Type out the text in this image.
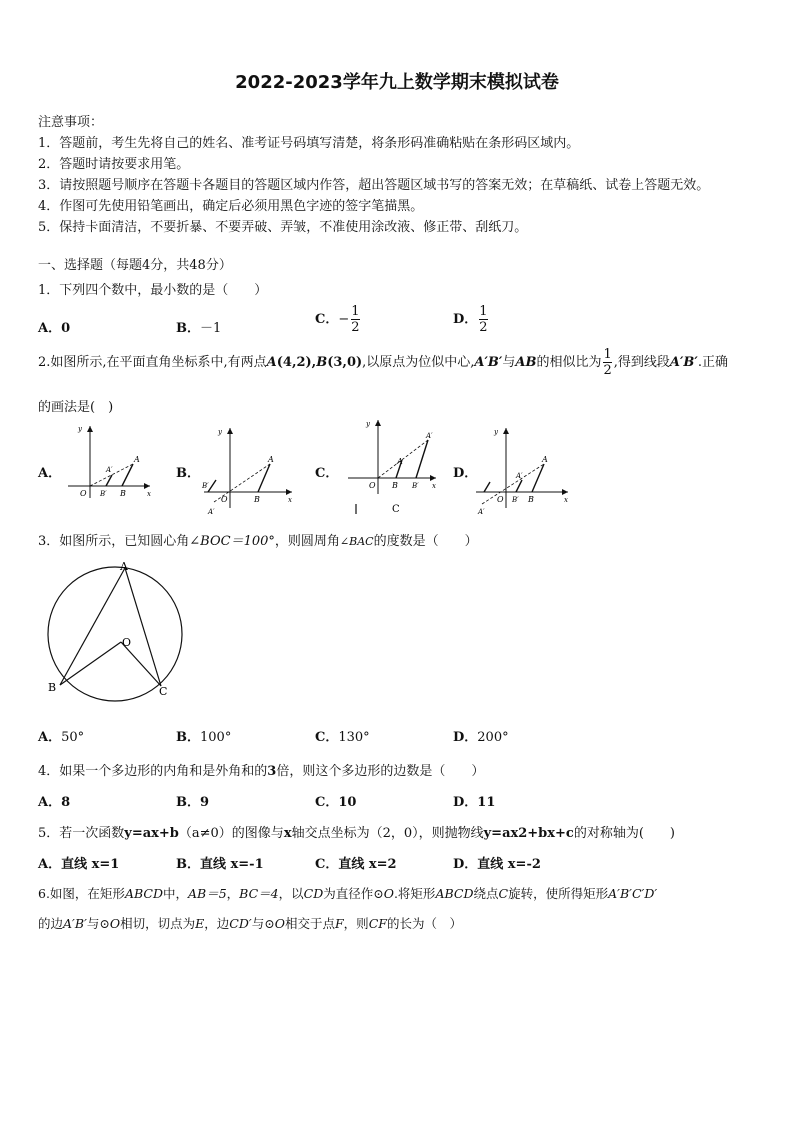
2022-2023学年九上数学期末模拟试卷
注意事项：
1．答题前，考生先将自己的姓名、准考证号码填写清楚，将条形码准确粘贴在条形码区域内。
2．答题时请按要求用笔。
3．请按照题号顺序在答题卡各题目的答题区域内作答，超出答题区域书写的答案无效；在草稿纸、试卷上答题无效。
4．作图可先使用铅笔画出，确定后必须用黑色字迹的签字笔描黑。
5．保持卡面清洁，不要折暴、不要弄破、弄皱，不准使用涂改液、修正带、刮纸刀。
一、选择题（每题4分，共48分）
1．下列四个数中，最小数的是（　　）
A．0	B．－1
C．− $\frac{1}{2}$	D． $\frac{1}{2}$
2.如图所示,在平面直角坐标系中,有两点A(4,2),B(3,0),以原点为位似中心,A′B′与AB的相似比为 $\frac{1}{2}$ ,得到线段A′B′.正确
的画法是(　)
A．	B．	C．	D．
y
x
O
A
B
A′
B′
y
x
O
A
B
A′
B′
y
x
O
A′
A
B B′
C
y
x
O
A
B
A′
B′
A′
3．如图所示，已知圆心角∠BOC＝100°，则圆周角∠BAC的度数是（　　）
A
B	C
O
A．50°	B．100°	C．130°	D．200°
4．如果一个多边形的内角和是外角和的3倍，则这个多边形的边数是（　　）
A．8	B．9	C．10	D．11
5．若一次函数y=ax+b（a≠0）的图像与x轴交点坐标为（2，0），则抛物线y=ax2+bx+c的对称轴为(　　)
A．直线 x=1	B．直线 x=-1	C．直线 x=2	D．直线 x=-2
6.如图，在矩形ABCD中，AB＝5，BC＝4，以CD为直径作⊙O.将矩形ABCD绕点C旋转，使所得矩形A′B′C′D′
的边A′B′与⊙O相切，切点为E，边CD′与⊙O相交于点F，则CF的长为（　）
